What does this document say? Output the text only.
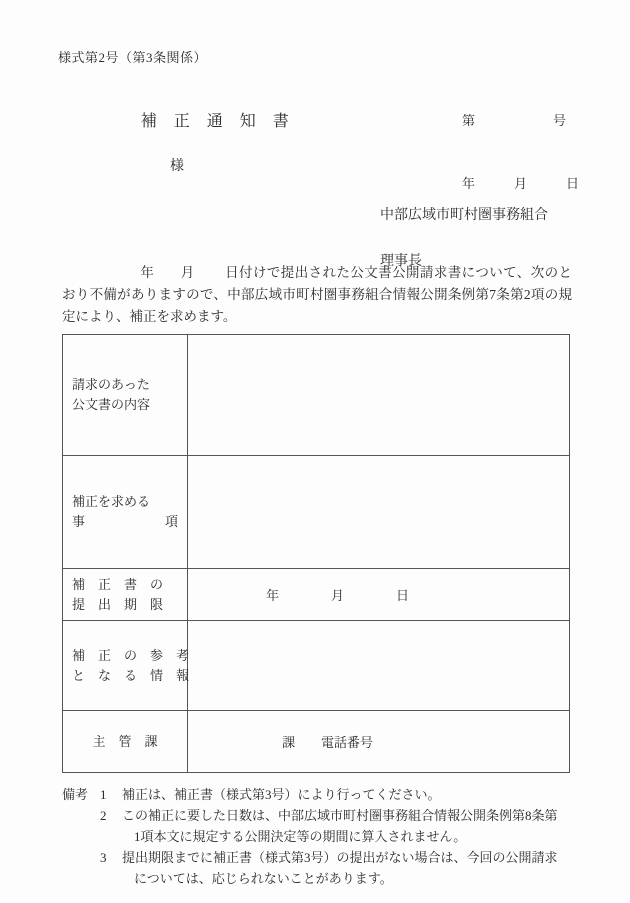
様式第2号（第3条関係）

第　　　　　　号

年　　　月　　　日

補　正　通　知　書
様

中部広域市町村圏事務組合

理事長

年 月 日付けで提出された公文書公開請求書について、次のとおり不備がありますので、中部広域市町村圏事務組合情報公開条例第7条第2項の規定により、補正を求めます。
請求のあった
公文書の内容	

補正を求める
事 項	

補　正　書　の
提　出　期　限	年　　　　月　　　　日

補　正　の　参　考
と　な　る　情　報	

主　管　課	課　　電話番号
備考 1	補正は、補正書（様式第3号）により行ってください。
2	この補正に要した日数は、中部広域市町村圏事務組合情報公開条例第8条第
1項本文に規定する公開決定等の期間に算入されません。
3	提出期限までに補正書（様式第3号）の提出がない場合は、今回の公開請求
については、応じられないことがあります。
